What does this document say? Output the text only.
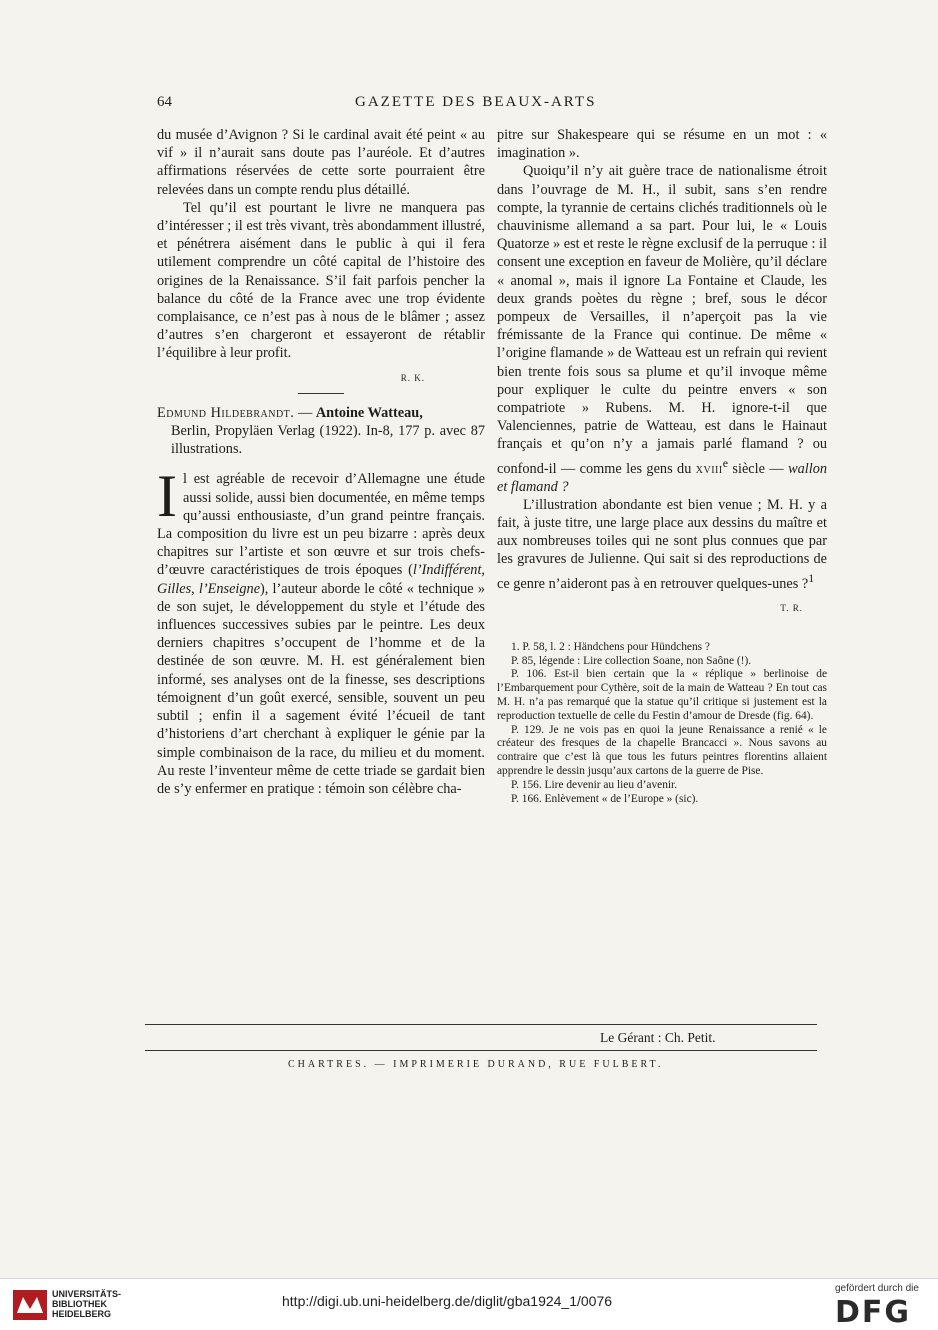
64	GAZETTE DES BEAUX-ARTS

du musée d’Avignon ? Si le cardinal avait été peint « au vif » il n’aurait sans doute pas l’auréole. Et d’autres affirmations réservées de cette sorte pourraient être relevées dans un compte rendu plus détaillé.

Tel qu’il est pourtant le livre ne manquera pas d’intéresser ; il est très vivant, très abondamment illustré, et pénétrera aisément dans le public à qui il fera utilement comprendre un côté capital de l’histoire des origines de la Renaissance. S’il fait parfois pencher la balance du côté de la France avec une trop évidente complaisance, ce n’est pas à nous de le blâmer ; assez d’autres s’en chargeront et essayeront de rétablir l’équilibre à leur profit.

R. K.

Edmund Hildebrandt. — Antoine Watteau,

Berlin, Propyläen Verlag (1922). In-8, 177 p. avec 87 illustrations.

I l est agréable de recevoir d’Allemagne une étude aussi solide, aussi bien documentée, en même temps qu’aussi enthousiaste, d’un grand peintre français. La composition du livre est un peu bizarre : après deux chapitres sur l’artiste et son œuvre et sur trois chefs-d’œuvre caractéristiques de trois époques (l’Indifférent, Gilles, l’Enseigne), l’auteur aborde le côté « technique » de son sujet, le développement du style et l’étude des influences successives subies par le peintre. Les deux derniers chapitres s’occupent de l’homme et de la destinée de son œuvre. M. H. est généralement bien informé, ses analyses ont de la finesse, ses descriptions témoignent d’un goût exercé, sensible, souvent un peu subtil ; enfin il a sagement évité l’écueil de tant d’historiens d’art cherchant à expliquer le génie par la simple combinaison de la race, du milieu et du moment. Au reste l’inventeur même de cette triade se gardait bien de s’y enfermer en pratique : témoin son célèbre cha-

pitre sur Shakespeare qui se résume en un mot : « imagination ».

Quoiqu’il n’y ait guère trace de nationalisme étroit dans l’ouvrage de M. H., il subit, sans s’en rendre compte, la tyrannie de certains clichés traditionnels où le chauvinisme allemand a sa part. Pour lui, le « Louis Quatorze » est et reste le règne exclusif de la perruque : il consent une exception en faveur de Molière, qu’il déclare « anomal », mais il ignore La Fontaine et Claude, les deux grands poètes du règne ; bref, sous le décor pompeux de Versailles, il n’aperçoit pas la vie frémissante de la France qui continue. De même « l’origine flamande » de Watteau est un refrain qui revient bien trente fois sous sa plume et qu’il invoque même pour expliquer le culte du peintre envers « son compatriote » Rubens. M. H. ignore-t-il que Valenciennes, patrie de Watteau, est dans le Hainaut français et qu’on n’y a jamais parlé flamand ? ou confond-il — comme les gens du xviii$^e$ siècle — wallon et flamand ?

L’illustration abondante est bien venue ; M. H. y a fait, à juste titre, une large place aux dessins du maître et aux nombreuses toiles qui ne sont plus connues que par les gravures de Julienne. Qui sait si des reproductions de ce genre n’aideront pas à en retrouver quelques-unes ?$^1$

T. R.

1. P. 58, l. 2 : Händchens pour Hündchens ?

P. 85, légende : Lire collection Soane, non Saône (!).

P. 106. Est-il bien certain que la « réplique » berlinoise de l’Embarquement pour Cythère, soit de la main de Watteau ? En tout cas M. H. n’a pas remarqué que la statue qu’il critique si justement est la reproduction textuelle de celle du Festin d’amour de Dresde (fig. 64).

P. 129. Je ne vois pas en quoi la jeune Renaissance a renié « le créateur des fresques de la chapelle Brancacci ». Nous savons au contraire que c’est là que tous les futurs peintres florentins allaient apprendre le dessin jusqu’aux cartons de la guerre de Pise.

P. 156. Lire devenir au lieu d’avenir.

P. 166. Enlèvement « de l’Europe » (sic).

Le Gérant : Ch. Petit.
CHARTRES. — IMPRIMERIE DURAND, RUE FULBERT.
UNIVERSITÄTS-
BIBLIOTHEK
HEIDELBERG
http://digi.ub.uni-heidelberg.de/diglit/gba1924_1/0076
gefördert durch die
DFG
